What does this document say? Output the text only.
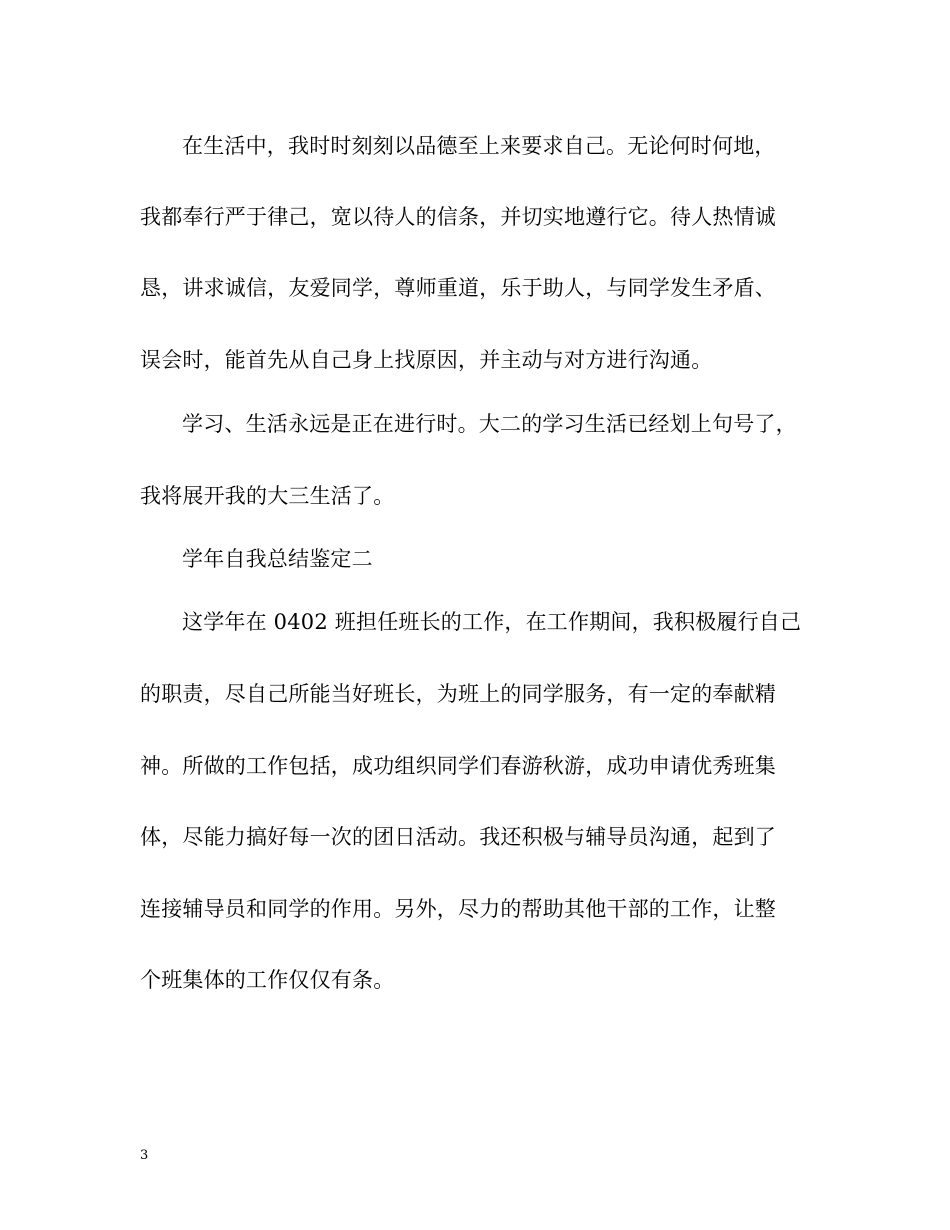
在生活中，我时时刻刻以品德至上来要求自己。无论何时何地，
我都奉行严于律己，宽以待人的信条，并切实地遵行它。待人热情诚
恳，讲求诚信，友爱同学，尊师重道，乐于助人，与同学发生矛盾、
误会时，能首先从自己身上找原因，并主动与对方进行沟通。
学习、生活永远是正在进行时。大二的学习生活已经划上句号了，
我将展开我的大三生活了。
学年自我总结鉴定二
这学年在 0402 班担任班长的工作，在工作期间，我积极履行自己
的职责，尽自己所能当好班长，为班上的同学服务，有一定的奉献精
神。所做的工作包括，成功组织同学们春游秋游，成功申请优秀班集
体，尽能力搞好每一次的团日活动。我还积极与辅导员沟通，起到了
连接辅导员和同学的作用。另外，尽力的帮助其他干部的工作，让整
个班集体的工作仅仅有条。
3
